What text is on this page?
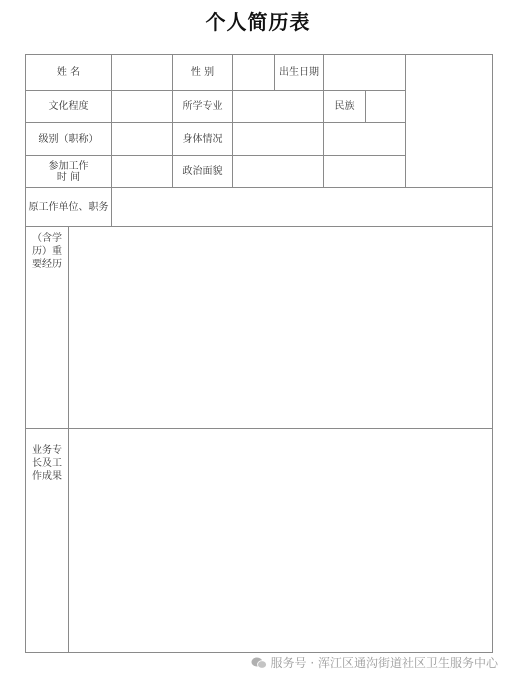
个人简历表
姓 名	性 别	出生日期
文化程度	所学专业	民族
级别（职称）	身体情况
参加工作
时 间	政治面貌
原工作单位、职务
（含学历）重要经历
业务专长及工作成果
服务号 · 浑江区通沟街道社区卫生服务中心
